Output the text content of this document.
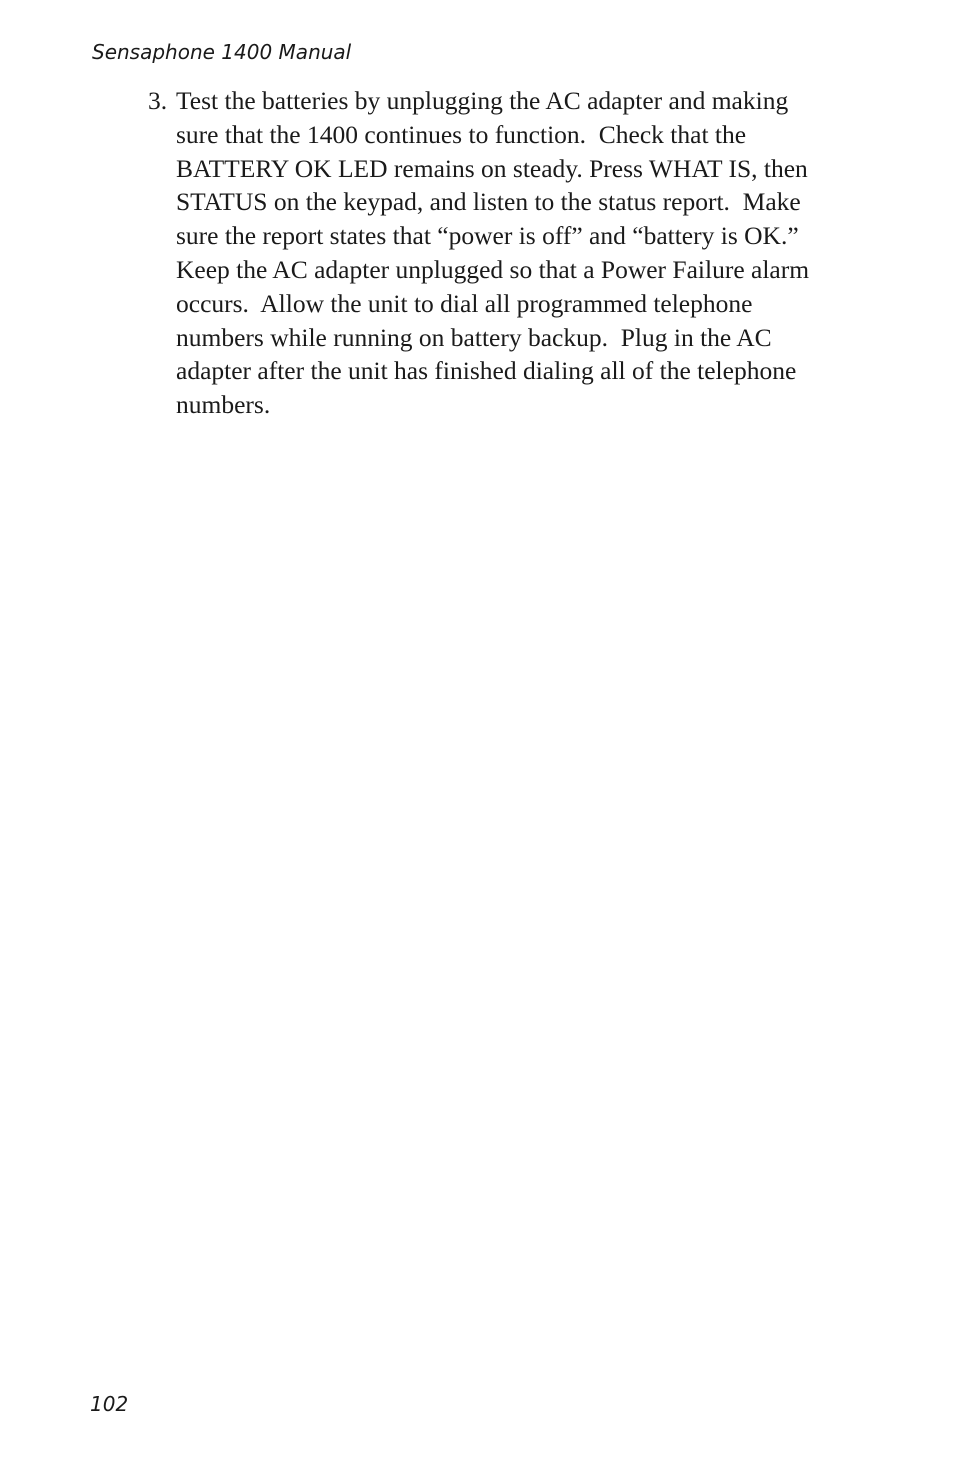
Sensaphone 1400 Manual
3. Test the batteries by unplugging the AC adapter and making
sure that the 1400 continues to function.  Check that the
BATTERY OK LED remains on steady. Press WHAT IS, then
STATUS on the keypad, and listen to the status report.  Make
sure the report states that “power is off” and “battery is OK.”
Keep the AC adapter unplugged so that a Power Failure alarm
occurs.  Allow the unit to dial all programmed telephone
numbers while running on battery backup.  Plug in the AC
adapter after the unit has finished dialing all of the telephone
numbers.
102
